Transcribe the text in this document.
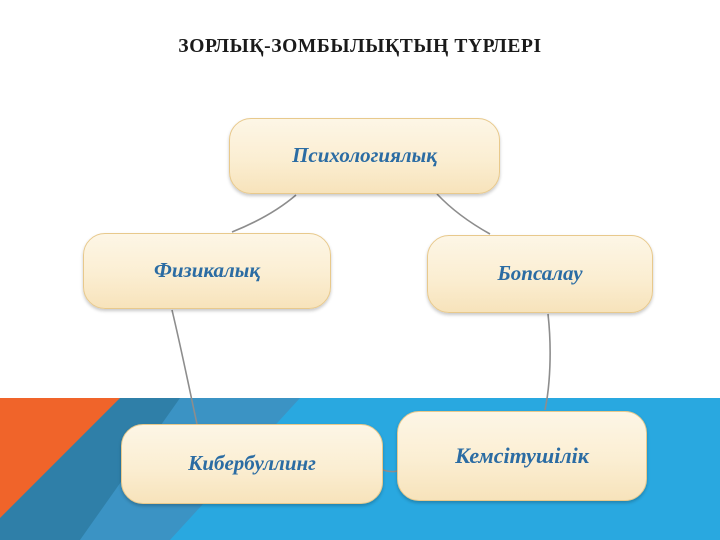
ЗОРЛЫҚ-ЗОМБЫЛЫҚТЫҢ ТҮРЛЕРІ
Психологиялық
Физикалық	Бопсалау
Кибербуллинг	Кемсітушілік
